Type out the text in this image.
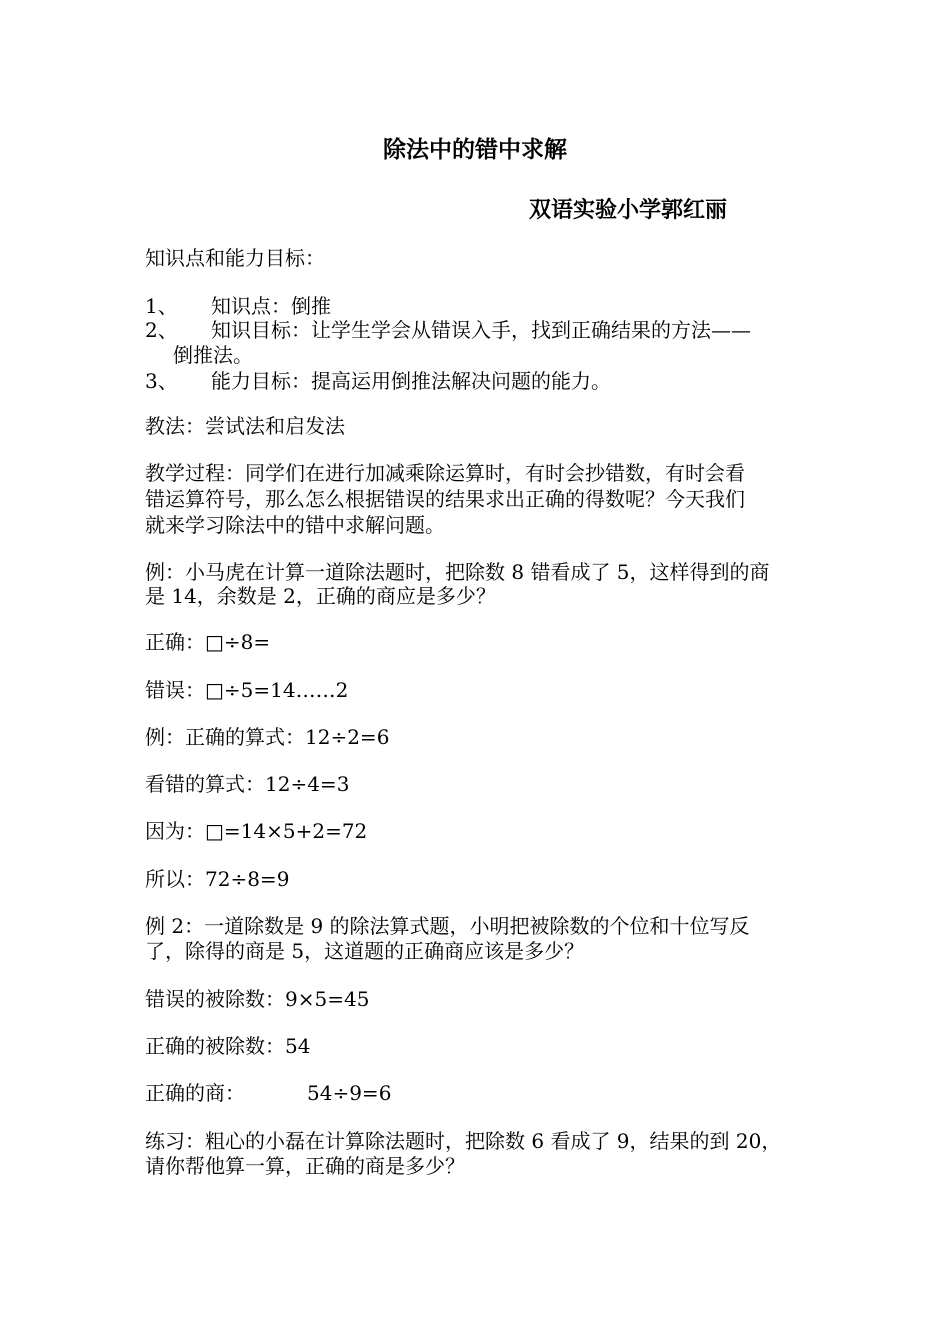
除法中的错中求解
双语实验小学郭红丽
知识点和能力目标：
1、 知识点：倒推
2、 知识目标：让学生学会从错误入手，找到正确结果的方法——
倒推法。
3、 能力目标：提高运用倒推法解决问题的能力。
教法：尝试法和启发法
教学过程：同学们在进行加减乘除运算时，有时会抄错数，有时会看
错运算符号，那么怎么根据错误的结果求出正确的得数呢？今天我们
就来学习除法中的错中求解问题。
例：小马虎在计算一道除法题时，把除数 8 错看成了 5，这样得到的商
是 14，余数是 2，正确的商应是多少？
正确：□÷8=
错误：□÷5=14……2
例：正确的算式：12÷2=6
看错的算式：12÷4=3
因为：□=14×5+2=72
所以：72÷8=9
例 2：一道除数是 9 的除法算式题，小明把被除数的个位和十位写反
了，除得的商是 5，这道题的正确商应该是多少？
错误的被除数：9×5=45
正确的被除数：54
正确的商：	54÷9=6
练习：粗心的小磊在计算除法题时，把除数 6 看成了 9，结果的到 20，
请你帮他算一算，正确的商是多少？
